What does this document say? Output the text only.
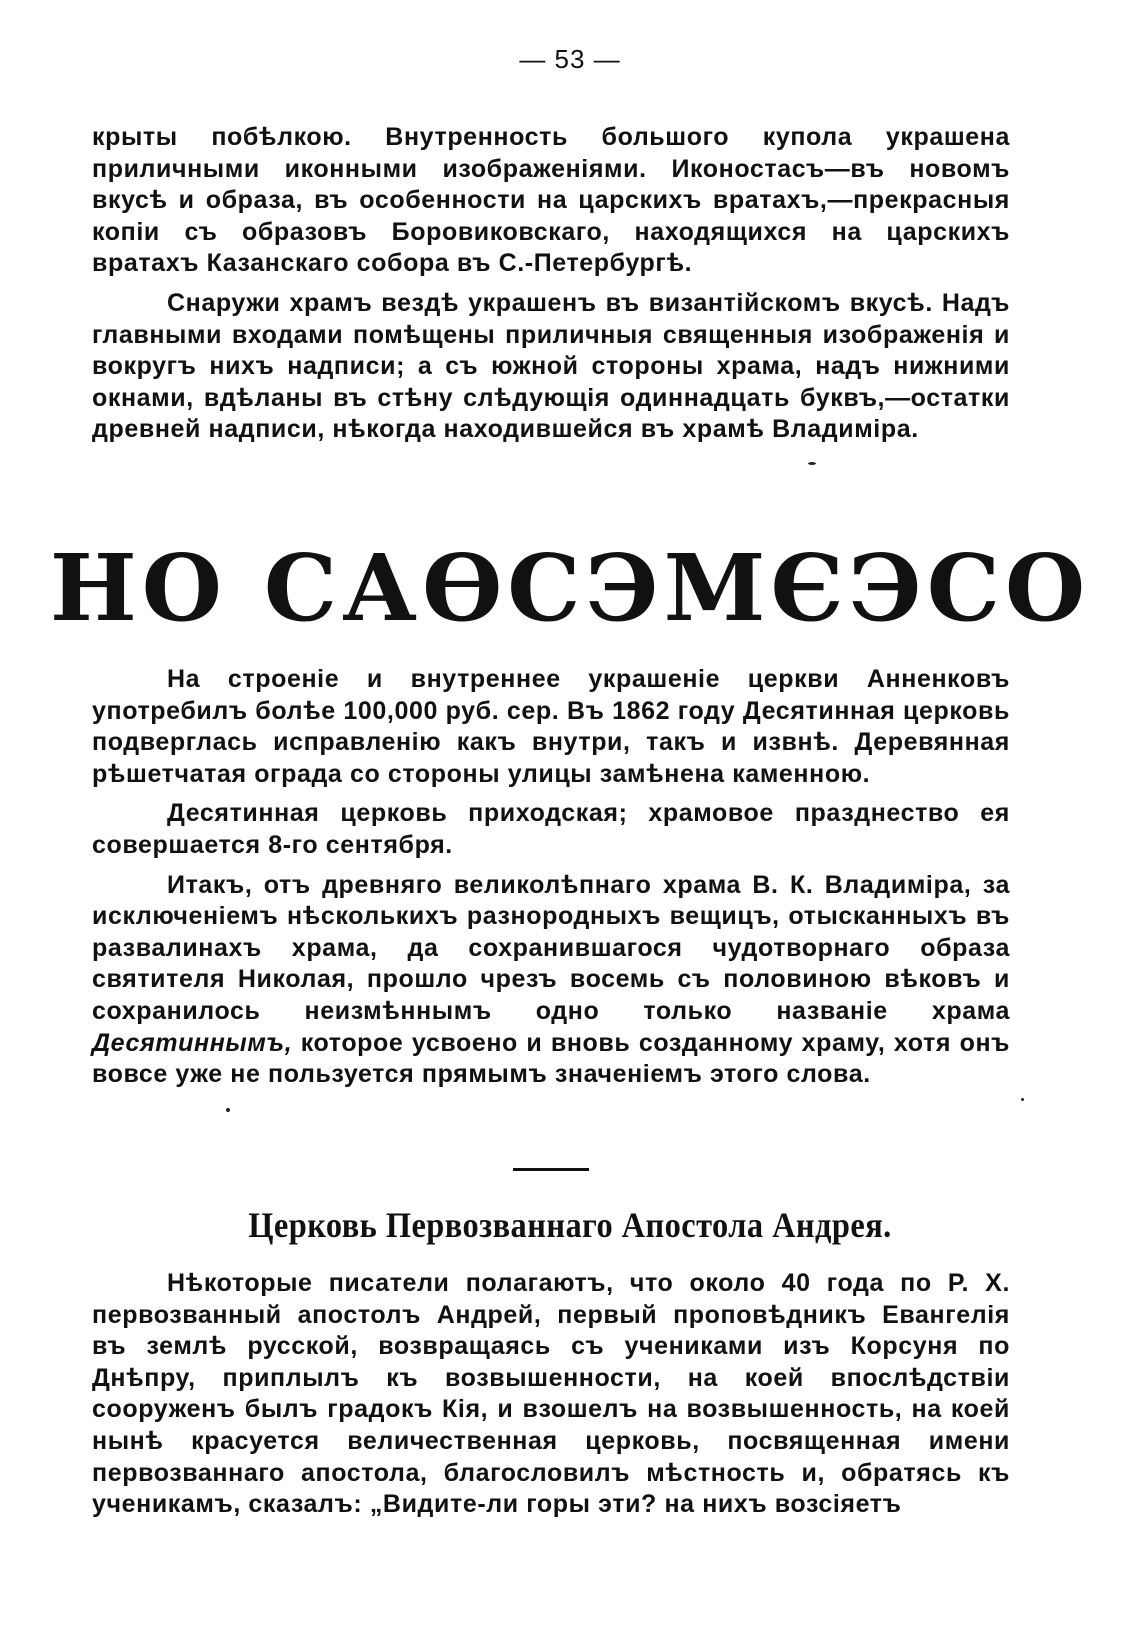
— 53 —

крыты побѣлкою. Внутренность большого купола украшена приличными иконными изображеніями. Иконостасъ—въ новомъ вкусѣ и образа, въ особенности на царскихъ вратахъ,—прекрасныя копіи съ образовъ Боровиковскаго, находящихся на царскихъ вратахъ Казанскаго собора въ С.-Петербургѣ.

Снаружи храмъ вездѣ украшенъ въ византійскомъ вкусѣ. Надъ главными входами помѣщены приличныя священныя изображенія и вокругъ нихъ надписи; а съ южной стороны храма, надъ нижними окнами, вдѣланы въ стѣну слѣдующія одиннадцать буквъ,—остатки древней надписи, нѣкогда находившейся въ храмѣ Владиміра.

НО САѲСЭМЄЭСО

На строеніе и внутреннее украшеніе церкви Анненковъ употребилъ болѣе 100,000 руб. сер. Въ 1862 году Десятинная церковь подверглась исправленію какъ внутри, такъ и извнѣ. Деревянная рѣшетчатая ограда со стороны улицы замѣнена каменною.

Десятинная церковь приходская; храмовое празднество ея совершается 8-го сентября.

Итакъ, отъ древняго великолѣпнаго храма В. К. Владиміра, за исключеніемъ нѣсколькихъ разнородныхъ вещицъ, отысканныхъ въ развалинахъ храма, да сохранившагося чудотворнаго образа святителя Николая, прошло чрезъ восемь съ половиною вѣковъ и сохранилось неизмѣннымъ одно только названіе храма Десятиннымъ, которое усвоено и вновь созданному храму, хотя онъ вовсе уже не пользуется прямымъ значеніемъ этого слова.

Церковь Первозваннаго Апостола Андрея.

Нѣкоторые писатели полагаютъ, что около 40 года по Р. Х. первозванный апостолъ Андрей, первый проповѣдникъ Евангелія въ землѣ русской, возвращаясь съ учениками изъ Корсуня по Днѣпру, приплылъ къ возвышенности, на коей впослѣдствіи сооруженъ былъ градокъ Кія, и взошелъ на возвышенность, на коей нынѣ красуется величественная церковь, посвященная имени первозваннаго апостола, благословилъ мѣстность и, обратясь къ ученикамъ, сказалъ: „Видите-ли горы эти? на нихъ возсіяетъ
